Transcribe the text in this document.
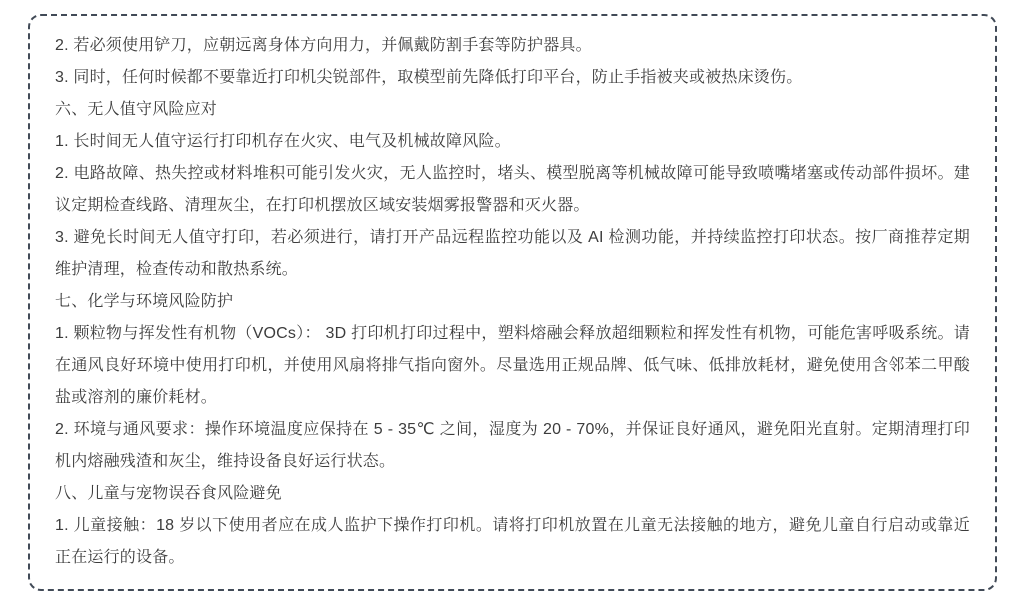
2. 若必须使用铲刀，应朝远离身体方向用力，并佩戴防割手套等防护器具。

3. 同时，任何时候都不要靠近打印机尖锐部件，取模型前先降低打印平台，防止手指被夹或被热床烫伤。

六、无人值守风险应对

1. 长时间无人值守运行打印机存在火灾、电气及机械故障风险。

2. 电路故障、热失控或材料堆积可能引发火灾，无人监控时，堵头、模型脱离等机械故障可能导致喷嘴堵塞或传动部件损坏。建议定期检查线路、清理灰尘，在打印机摆放区域安装烟雾报警器和灭火器。

3. 避免长时间无人值守打印，若必须进行，请打开产品远程监控功能以及 AI 检测功能，并持续监控打印状态。按厂商推荐定期维护清理，检查传动和散热系统。

七、化学与环境风险防护

1. 颗粒物与挥发性有机物（VOCs）： 3D 打印机打印过程中，塑料熔融会释放超细颗粒和挥发性有机物，可能危害呼吸系统。请在通风良好环境中使用打印机，并使用风扇将排气指向窗外。尽量选用正规品牌、低气味、低排放耗材，避免使用含邻苯二甲酸盐或溶剂的廉价耗材。

2. 环境与通风要求：操作环境温度应保持在 5 - 35℃ 之间，湿度为 20 - 70%，并保证良好通风，避免阳光直射。定期清理打印机内熔融残渣和灰尘，维持设备良好运行状态。

八、儿童与宠物误吞食风险避免

1. 儿童接触：18 岁以下使用者应在成人监护下操作打印机。请将打印机放置在儿童无法接触的地方，避免儿童自行启动或靠近正在运行的设备。
